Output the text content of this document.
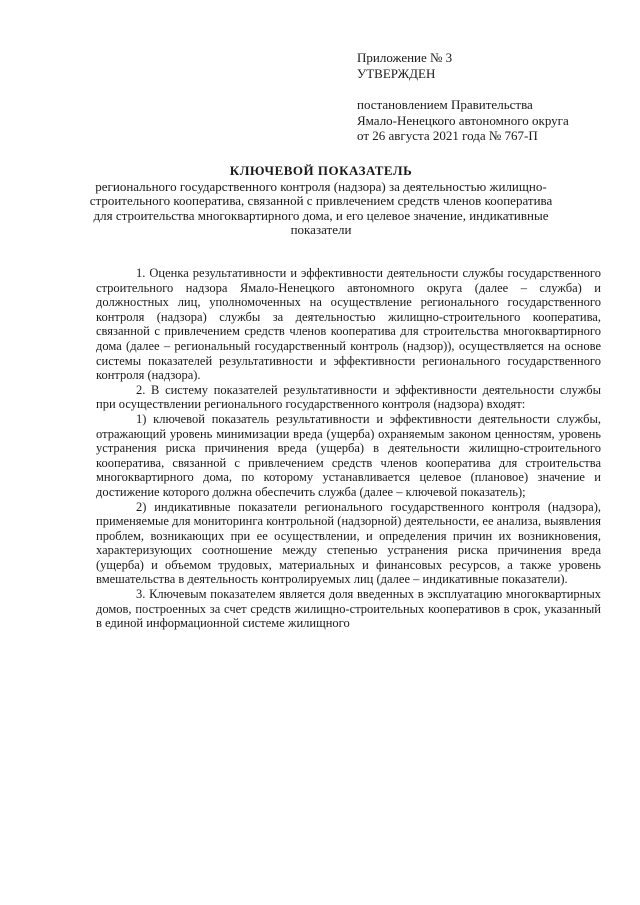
Приложение № 3
УТВЕРЖДЕН
постановлением Правительства
Ямало-Ненецкого автономного округа
от 26 августа 2021 года № 767-П
КЛЮЧЕВОЙ ПОКАЗАТЕЛЬ
регионального государственного контроля (надзора) за деятельностью жилищно-строительного кооператива, связанной с привлечением средств членов кооператива для строительства многоквартирного дома, и его целевое значение, индикативные показатели

1. Оценка результативности и эффективности деятельности службы государственного строительного надзора Ямало-Ненецкого автономного округа (далее – служба) и должностных лиц, уполномоченных на осуществление регионального государственного контроля (надзора) службы за деятельностью жилищно-строительного кооператива, связанной с привлечением средств членов кооператива для строительства многоквартирного дома (далее – региональный государственный контроль (надзор)), осуществляется на основе системы показателей результативности и эффективности регионального государственного контроля (надзора).

2. В систему показателей результативности и эффективности деятельности службы при осуществлении регионального государственного контроля (надзора) входят:

1) ключевой показатель результативности и эффективности деятельности службы, отражающий уровень минимизации вреда (ущерба) охраняемым законом ценностям, уровень устранения риска причинения вреда (ущерба) в деятельности жилищно-строительного кооператива, связанной с привлечением средств членов кооператива для строительства многоквартирного дома, по которому устанавливается целевое (плановое) значение и достижение которого должна обеспечить служба (далее – ключевой показатель);

2) индикативные показатели регионального государственного контроля (надзора), применяемые для мониторинга контрольной (надзорной) деятельности, ее анализа, выявления проблем, возникающих при ее осуществлении, и определения причин их возникновения, характеризующих соотношение между степенью устранения риска причинения вреда (ущерба) и объемом трудовых, материальных и финансовых ресурсов, а также уровень вмешательства в деятельность контролируемых лиц (далее – индикативные показатели).

3. Ключевым показателем является доля введенных в эксплуатацию многоквартирных домов, построенных за счет средств жилищно-строительных кооперативов в срок, указанный в единой информационной системе жилищного
